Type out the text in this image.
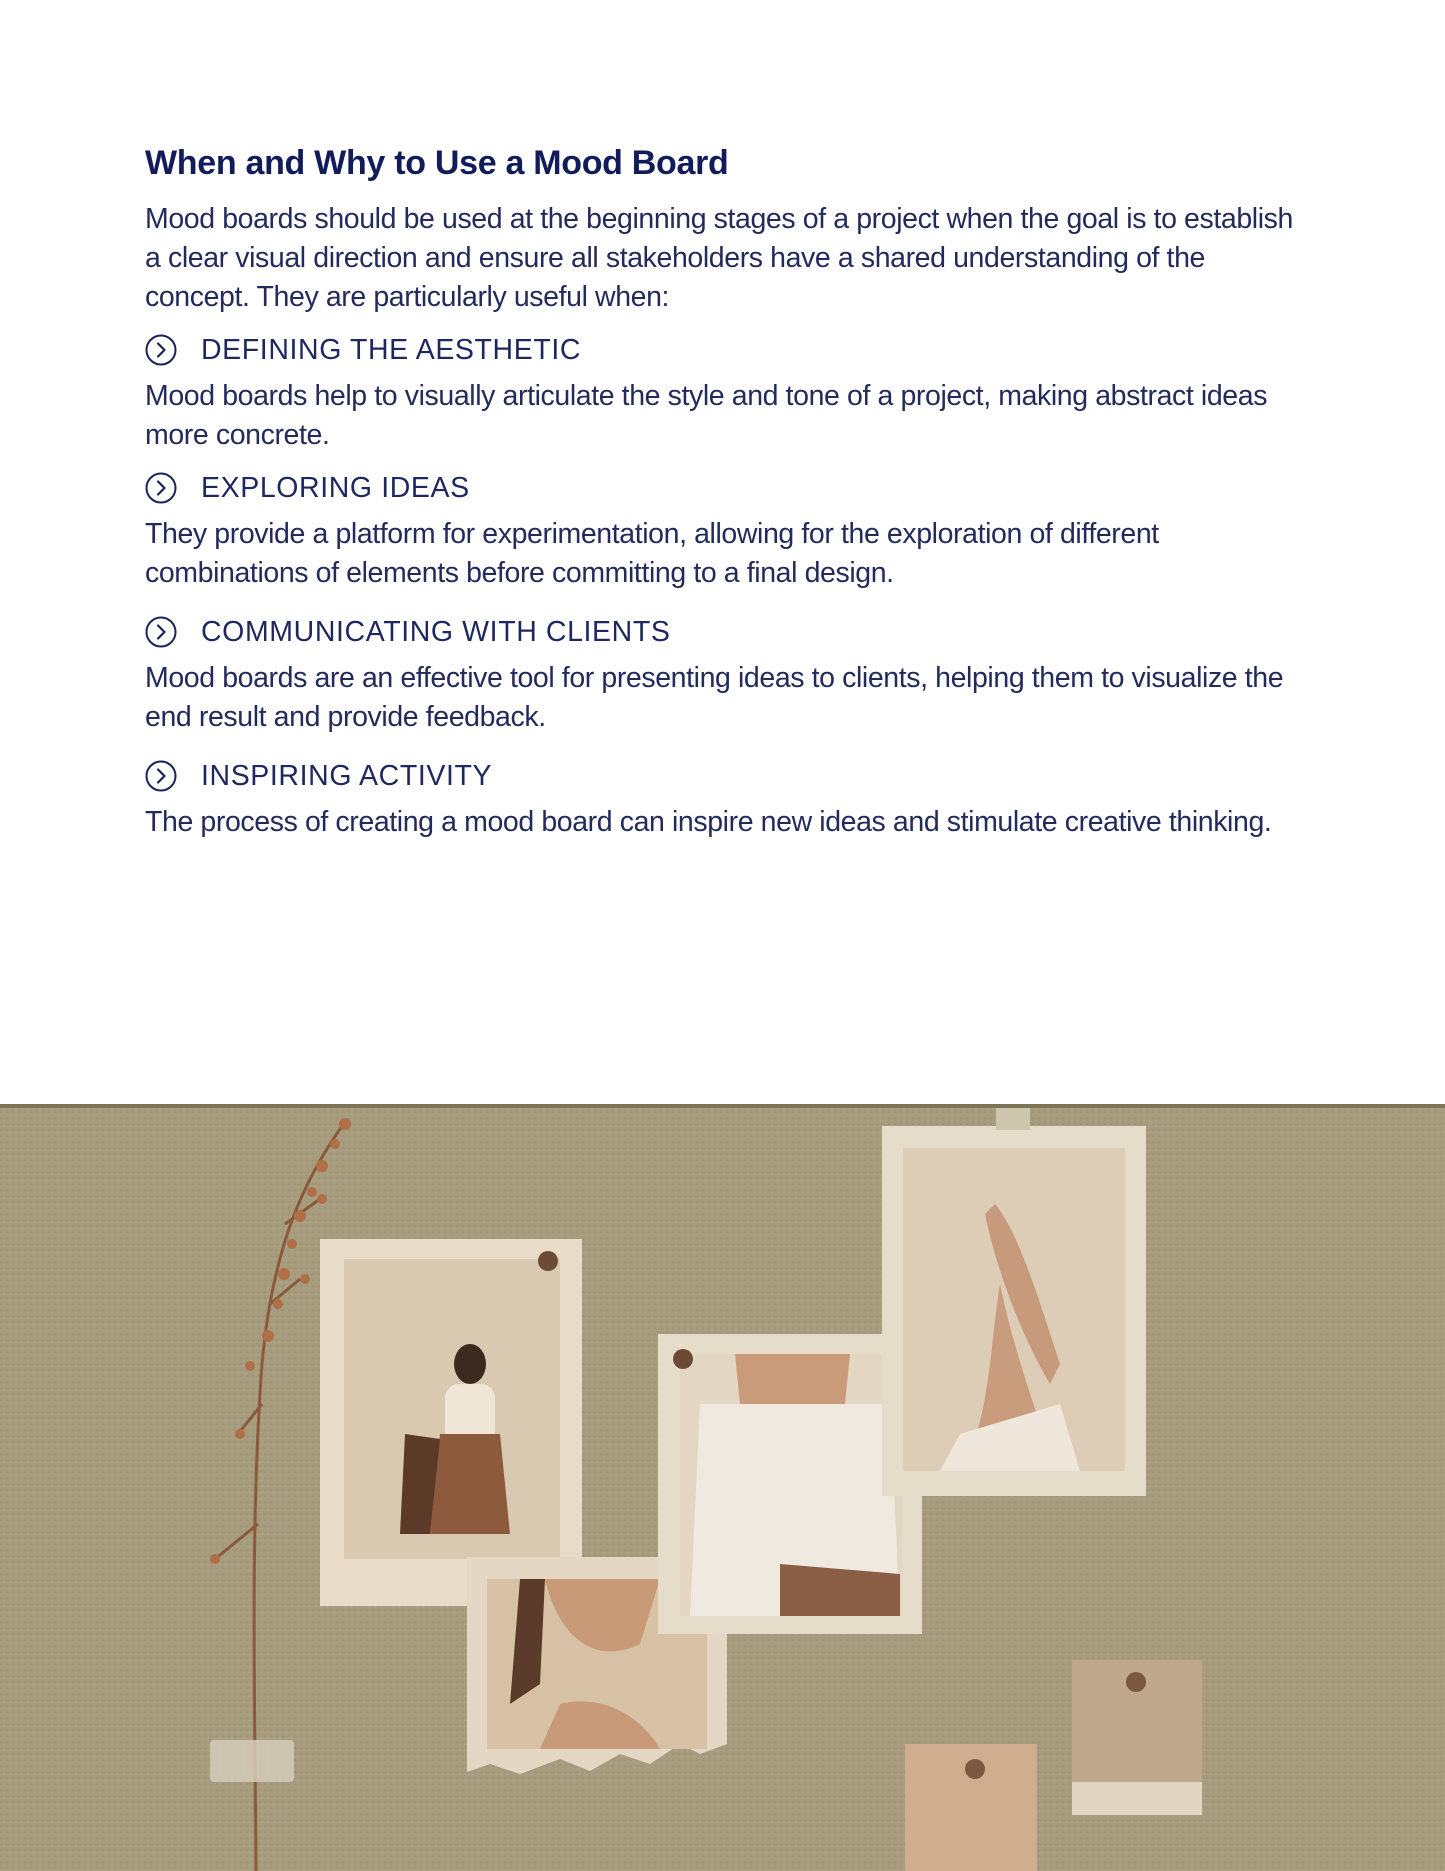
When and Why to Use a Mood Board

Mood boards should be used at the beginning stages of a project when the goal is to establish a clear visual direction and ensure all stakeholders have a shared understanding of the concept. They are particularly useful when:

DEFINING THE AESTHETIC

Mood boards help to visually articulate the style and tone of a project, making abstract ideas more concrete.

EXPLORING IDEAS

They provide a platform for experimentation, allowing for the exploration of different combinations of elements before committing to a final design.

COMMUNICATING WITH CLIENTS

Mood boards are an effective tool for presenting ideas to clients, helping them to visualize the end result and provide feedback.

INSPIRING ACTIVITY

The process of creating a mood board can inspire new ideas and stimulate creative thinking.
